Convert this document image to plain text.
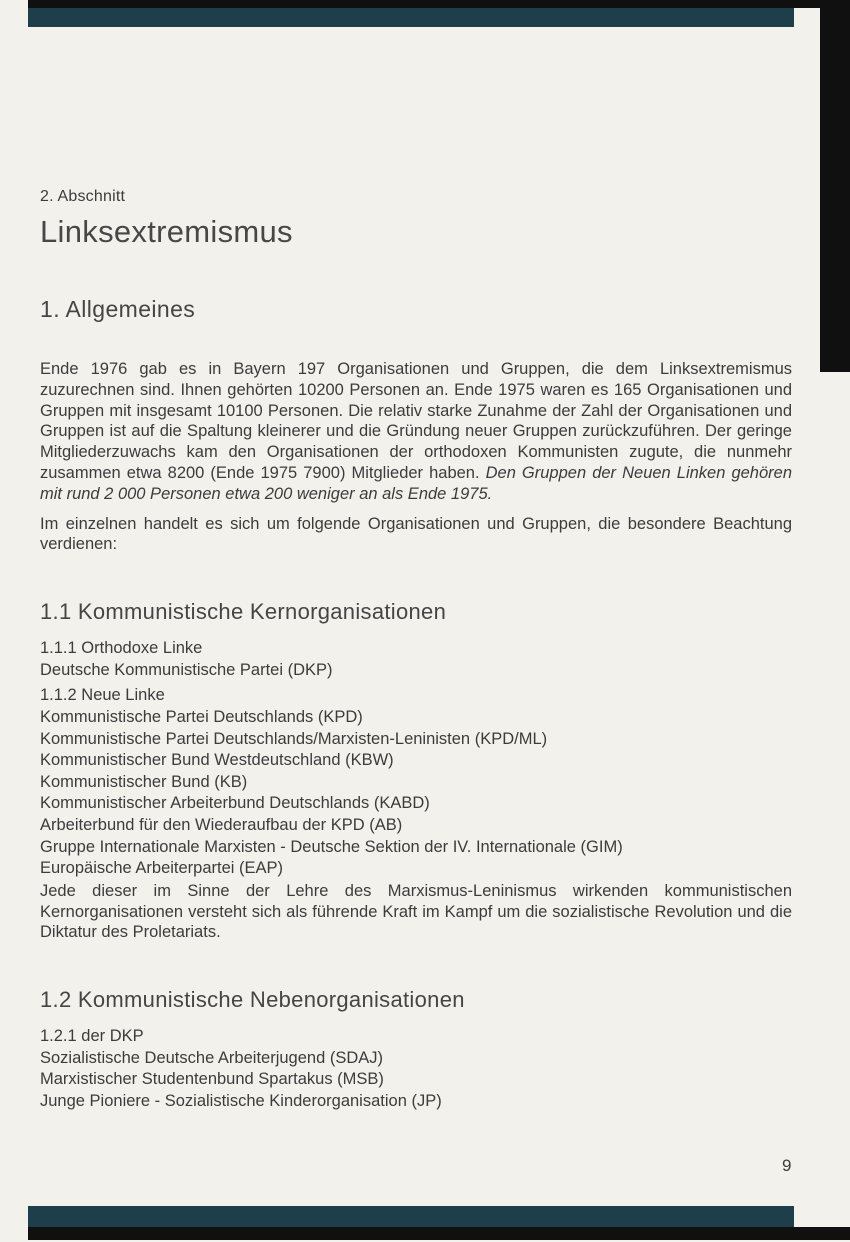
2. Abschnitt
Linksextremismus
1. Allgemeines

Ende 1976 gab es in Bayern 197 Organisationen und Gruppen, die dem Linksextremismus zuzurechnen sind. Ihnen gehörten 10200 Personen an. Ende 1975 waren es 165 Organisationen und Gruppen mit insgesamt 10100 Personen. Die relativ starke Zunahme der Zahl der Organisationen und Gruppen ist auf die Spaltung kleinerer und die Gründung neuer Gruppen zurückzuführen. Der geringe Mitgliederzuwachs kam den Organisationen der orthodoxen Kommunisten zugute, die nunmehr zusammen etwa 8200 (Ende 1975 7900) Mitglieder haben. Den Gruppen der Neuen Linken gehören mit rund 2 000 Personen etwa 200 weniger an als Ende 1975.

Im einzelnen handelt es sich um folgende Organisationen und Gruppen, die besondere Beachtung verdienen:

1.1 Kommunistische Kernorganisationen
1.1.1 Orthodoxe Linke
Deutsche Kommunistische Partei (DKP)
1.1.2 Neue Linke
Kommunistische Partei Deutschlands (KPD)
Kommunistische Partei Deutschlands/Marxisten-Leninisten (KPD/ML)
Kommunistischer Bund Westdeutschland (KBW)
Kommunistischer Bund (KB)
Kommunistischer Arbeiterbund Deutschlands (KABD)
Arbeiterbund für den Wiederaufbau der KPD (AB)
Gruppe Internationale Marxisten - Deutsche Sektion der IV. Internationale (GIM)
Europäische Arbeiterpartei (EAP)

Jede dieser im Sinne der Lehre des Marxismus-Leninismus wirkenden kommunistischen Kernorganisationen versteht sich als führende Kraft im Kampf um die sozialistische Revolution und die Diktatur des Proletariats.

1.2 Kommunistische Nebenorganisationen
1.2.1 der DKP
Sozialistische Deutsche Arbeiterjugend (SDAJ)
Marxistischer Studentenbund Spartakus (MSB)
Junge Pioniere - Sozialistische Kinderorganisation (JP)
9
